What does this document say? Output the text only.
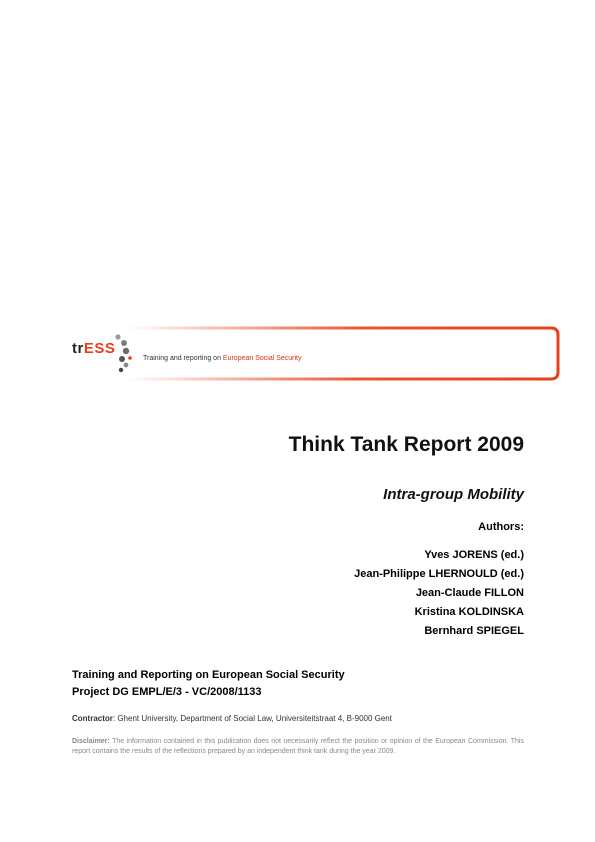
trESS
Training and reporting on European Social Security
Think Tank Report 2009
Intra-group Mobility
Authors:
Yves JORENS (ed.)
Jean-Philippe LHERNOULD (ed.)
Jean-Claude FILLON
Kristina KOLDINSKA
Bernhard SPIEGEL
Training and Reporting on European Social Security
Project DG EMPL/E/3 - VC/2008/1133
Contractor: Ghent University, Department of Social Law, Universiteitstraat 4, B-9000 Gent
Disclaimer: The information contained in this publication does not necessarily reflect the position or opinion of the European Commission. This report contains the results of the reflections prepared by an independent think tank during the year 2009.
